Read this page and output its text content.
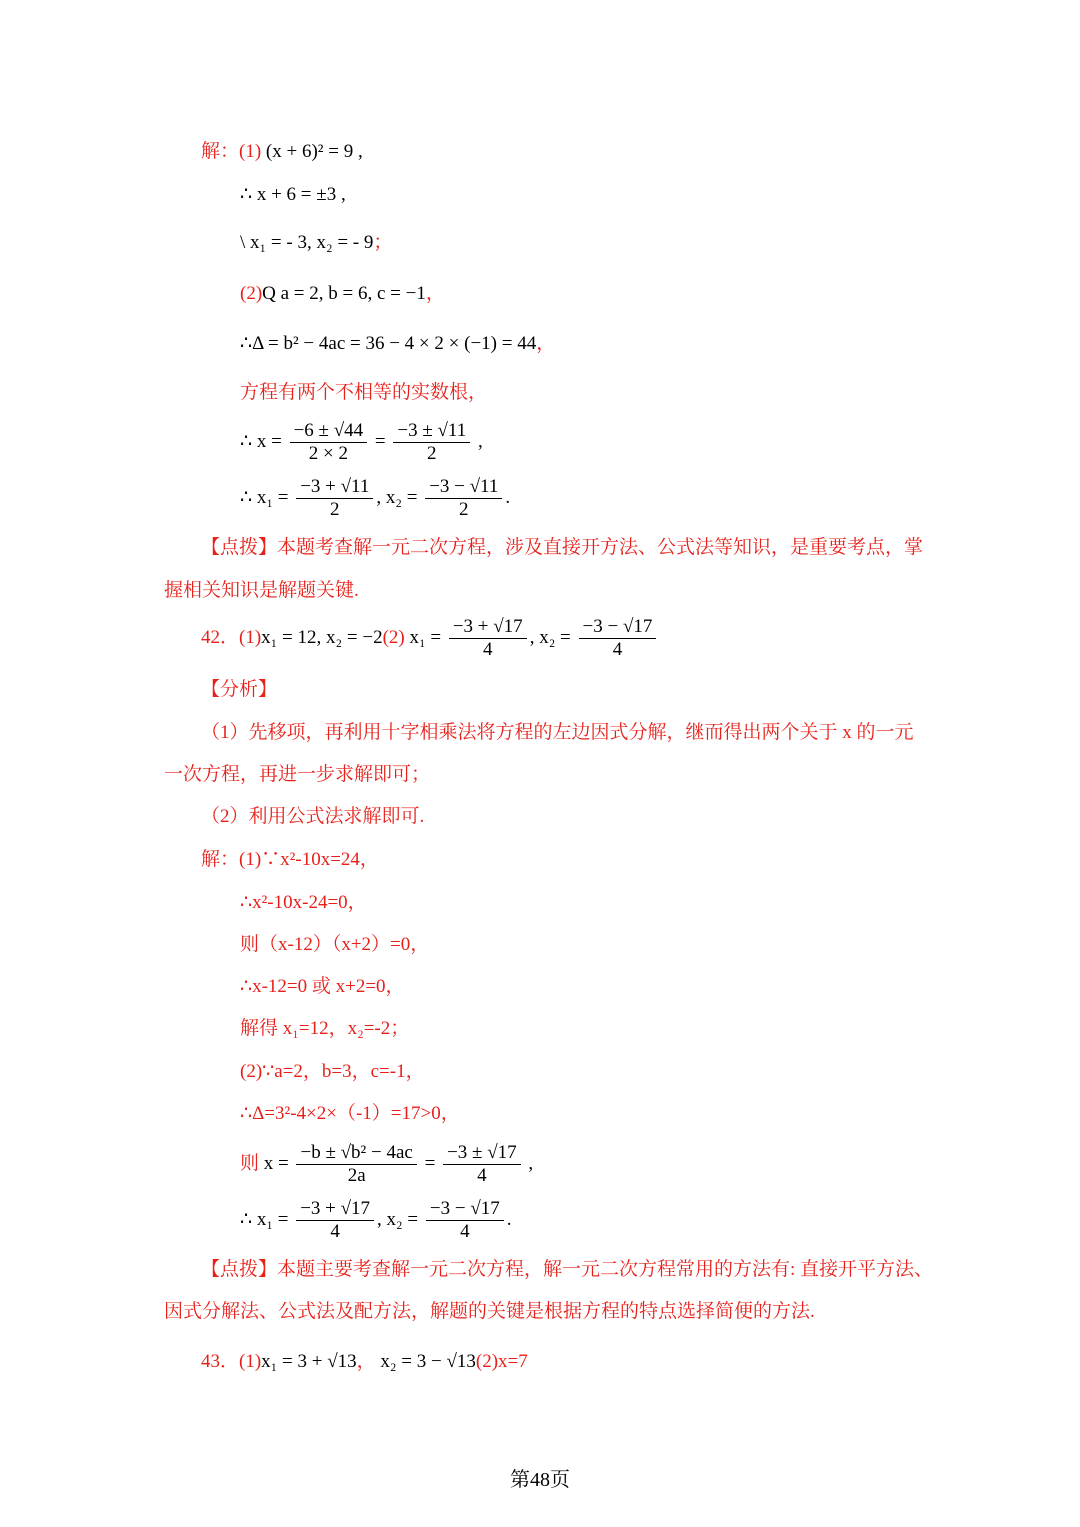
解：(1) (x + 6)² = 9 ,
∴ x + 6 = ±3 ,
\ x₁ = - 3, x₂ = - 9；
(2)Q a = 2, b = 6, c = −1，
∴Δ = b² − 4ac = 36 − 4 × 2 × (−1) = 44，
方程有两个不相等的实数根，
∴ $x = \frac{-6 \pm √44}{2 \times 2} = \frac{-3 \pm √11}{2}$ ,
∴ $x_1 = \frac{-3 + √11}{2}$ , $x_2 = \frac{-3 - √11}{2}$ .
【点拨】本题考查解一元二次方程，涉及直接开方法、公式法等知识，是重要考点，掌
握相关知识是解题关键.
42．(1)x₁ = 12, x₂ = −2(2) $x_1 = \frac{-3 + √17}{4}$ , $x_2 = \frac{-3 - √17}{4}$
【分析】
（1）先移项，再利用十字相乘法将方程的左边因式分解，继而得出两个关于 x 的一元
一次方程，再进一步求解即可；
（2）利用公式法求解即可.
解：(1)∵x²-10x=24，
∴x²-10x-24=0，
则（x-12）（x+2）=0，
∴x-12=0 或 x+2=0，
解得 x₁=12，x₂=-2；
(2)∵a=2，b=3，c=-1，
∴Δ=3²-4×2×（-1）=17>0，
则 $x = \frac{\text{−b ± √b² − 4ac}}{2a} = \frac{-3 \pm √17}{4}$ ,
∴ $x_1 = \frac{-3 + √17}{4}$ , $x_2 = \frac{-3 - √17}{4}$ .
【点拨】本题主要考查解一元二次方程，解一元二次方程常用的方法有: 直接开平方法、
因式分解法、公式法及配方法，解题的关键是根据方程的特点选择简便的方法.
43．(1)x₁ = 3 + √13， x₂ = 3 − √13(2)x=7
第48页
